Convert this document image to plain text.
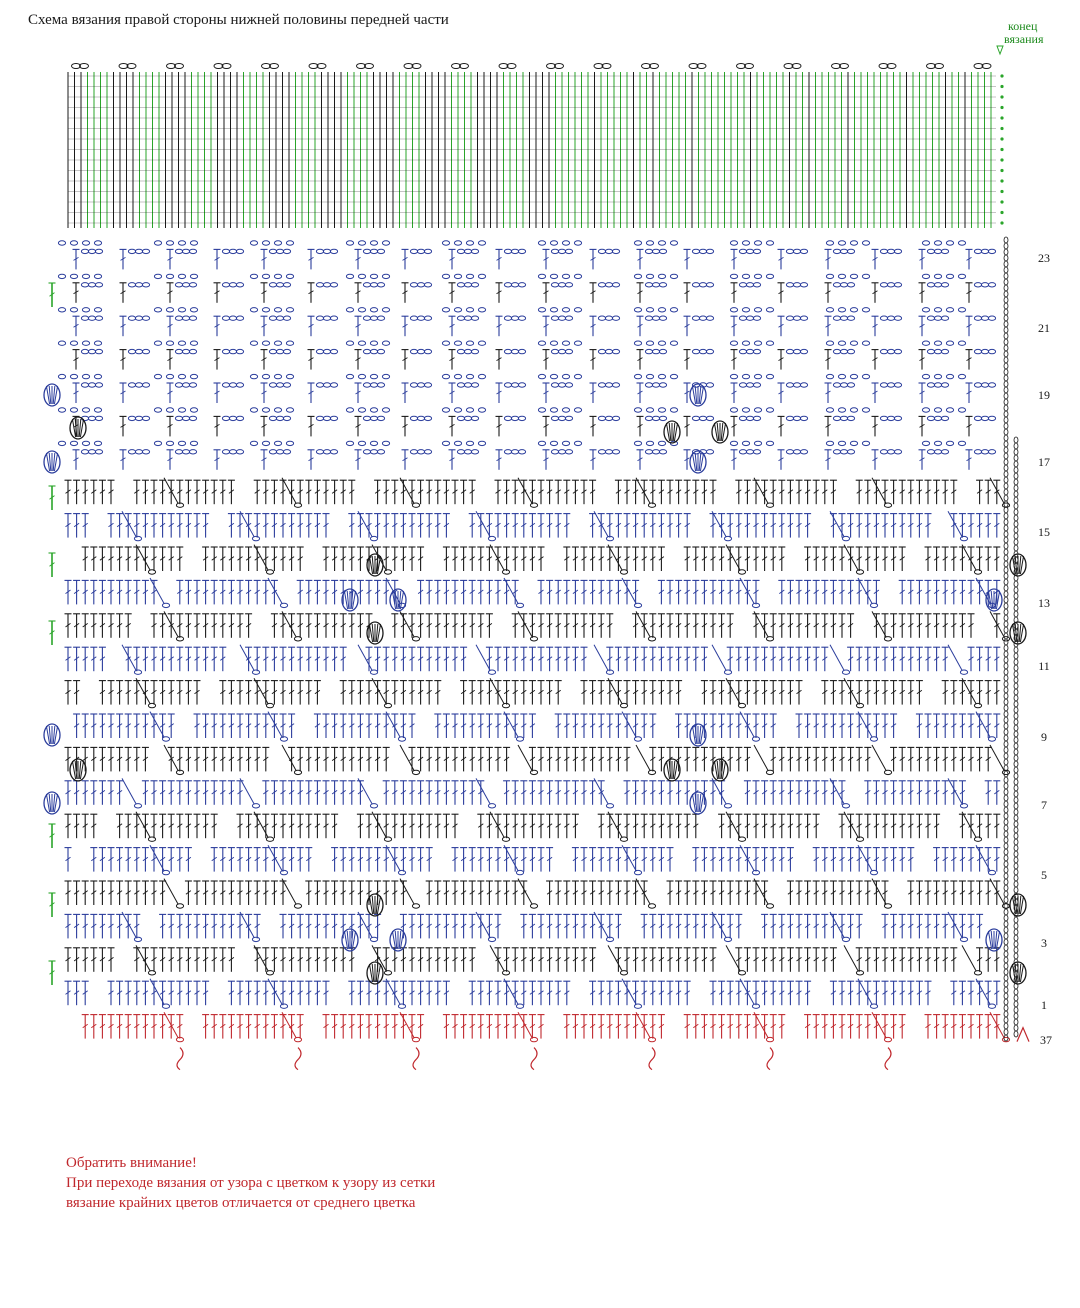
Схема вязания правой стороны нижней половины передней части	конец
вязания
23
21
19
17
15
13
11
9
7
5
3
1
37
Обратить внимание!
При переходе вязания от узора с цветком к узору из сетки
вязание крайних цветов отличается от среднего цветка
